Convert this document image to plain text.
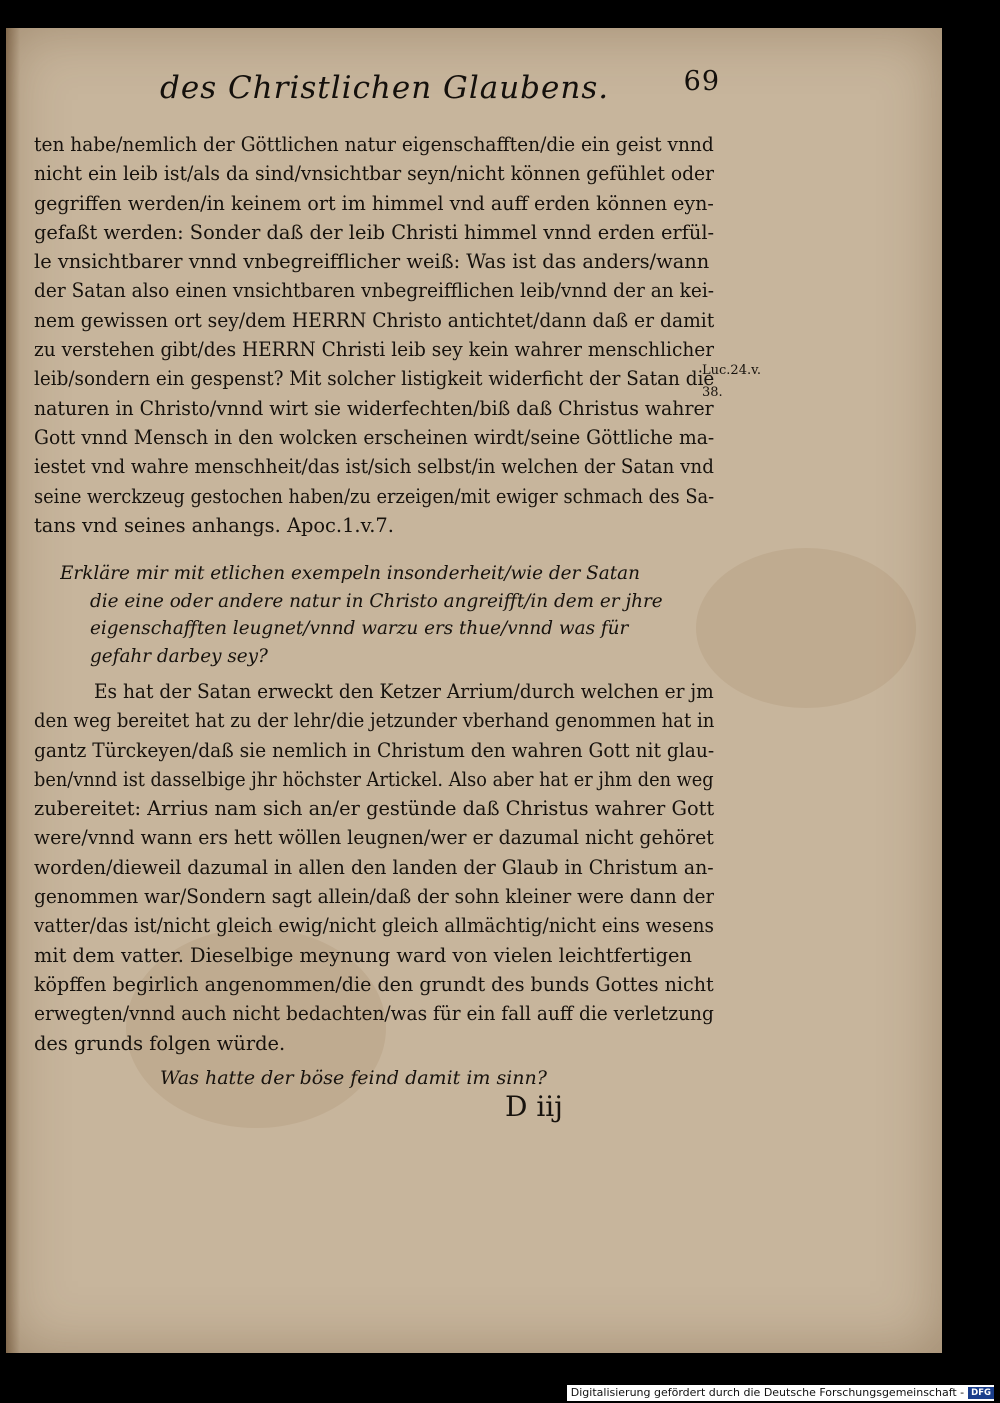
des Christlichen Glaubens.	69
ten habe/nemlich der Göttlichen natur eigenschafften/die ein geist vnnd
nicht ein leib ist/als da sind/vnsichtbar seyn/nicht können gefühlet oder
gegriffen werden/in keinem ort im himmel vnd auff erden können eyn-
gefaßt werden: Sonder daß der leib Christi himmel vnnd erden erfül-
le vnsichtbarer vnnd vnbegreifflicher weiß: Was ist das anders/wann
der Satan also einen vnsichtbaren vnbegreifflichen leib/vnnd der an kei-
nem gewissen ort sey/dem HERRN Christo antichtet/dann daß er damit
zu verstehen gibt/des HERRN Christi leib sey kein wahrer menschlicher
leib/sondern ein gespenst? Mit solcher listigkeit widerficht der Satan die
naturen in Christo/vnnd wirt sie widerfechten/biß daß Christus wahrer
Gott vnnd Mensch in den wolcken erscheinen wirdt/seine Göttliche ma-
iestet vnd wahre menschheit/das ist/sich selbst/in welchen der Satan vnd
seine werckzeug gestochen haben/zu erzeigen/mit ewiger schmach des Sa-
tans vnd seines anhangs. Apoc.1.v.7.
Luc.24.v.
38.
Erkläre mir mit etlichen exempeln insonderheit/wie der Satan
die eine oder andere natur in Christo angreifft/in dem er jhre
eigenschafften leugnet/vnnd warzu ers thue/vnnd was für
gefahr darbey sey?
Es hat der Satan erweckt den Ketzer Arrium/durch welchen er jm
den weg bereitet hat zu der lehr/die jetzunder vberhand genommen hat in
gantz Türckeyen/daß sie nemlich in Christum den wahren Gott nit glau-
ben/vnnd ist dasselbige jhr höchster Artickel. Also aber hat er jhm den weg
zubereitet: Arrius nam sich an/er gestünde daß Christus wahrer Gott
were/vnnd wann ers hett wöllen leugnen/wer er dazumal nicht gehöret
worden/dieweil dazumal in allen den landen der Glaub in Christum an-
genommen war/Sondern sagt allein/daß der sohn kleiner were dann der
vatter/das ist/nicht gleich ewig/nicht gleich allmächtig/nicht eins wesens
mit dem vatter. Dieselbige meynung ward von vielen leichtfertigen
köpffen begirlich angenommen/die den grundt des bunds Gottes nicht
erwegten/vnnd auch nicht bedachten/was für ein fall auff die verletzung
des grunds folgen würde.
Was hatte der böse feind damit im sinn?
D iij
Digitalisierung gefördert durch die Deutsche Forschungsgemeinschaft - DFG
